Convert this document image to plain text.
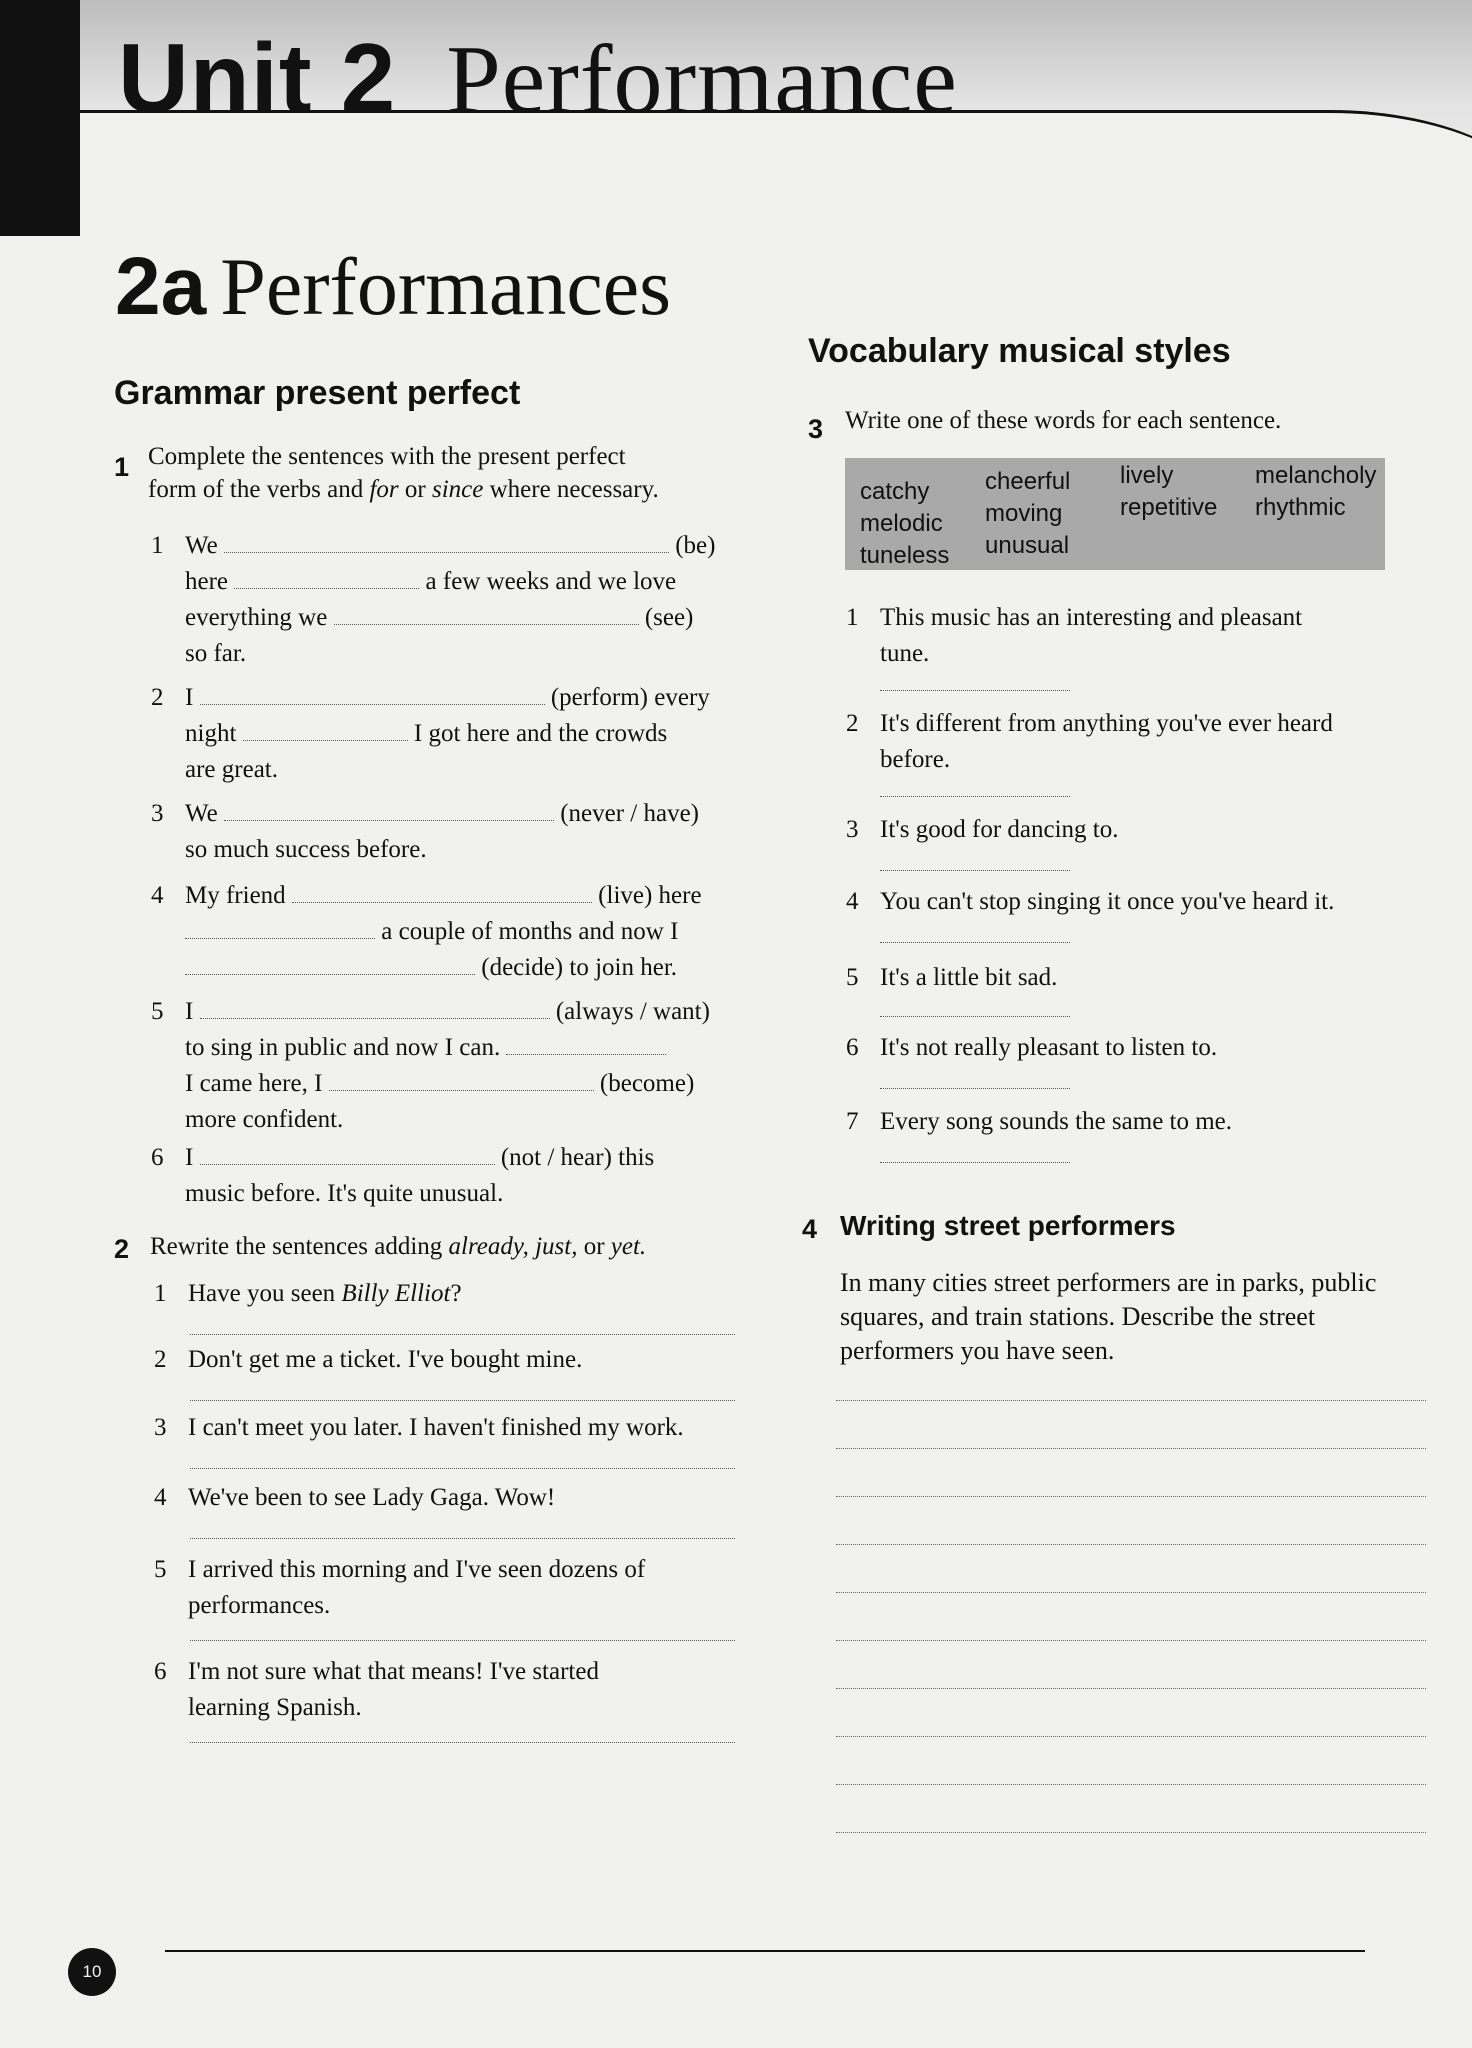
Unit 2 Performance
2a Performances
Grammar present perfect
1 Complete the sentences with the present perfect
form of the verbs and for or since where necessary.
1 We	(be)
here	a few weeks and we love
everything we	(see)
so far.
2 I	(perform) every
night	I got here and the crowds
are great.
3 We	(never / have)
so much success before.
4 My friend	(live) here
a couple of months and now I
(decide) to join her.
5 I	(always / want)
to sing in public and now I can.
I came here, I	(become)
more confident.
6 I	(not / hear) this
music before. It's quite unusual.
2 Rewrite the sentences adding already, just, or yet.
1 Have you seen Billy Elliot?
2 Don't get me a ticket. I've bought mine.
3 I can't meet you later. I haven't finished my work.
4 We've been to see Lady Gaga. Wow!
5 I arrived this morning and I've seen dozens of
performances.
6 I'm not sure what that means! I've started
learning Spanish.
Vocabulary musical styles
3 Write one of these words for each sentence.
catchy cheerful lively	melancholy
melodic moving repetitive rhythmic
tuneless unusual
1 This music has an interesting and pleasant
tune.
2 It's different from anything you've ever heard
before.
3 It's good for dancing to.
4 You can't stop singing it once you've heard it.
5 It's a little bit sad.
6 It's not really pleasant to listen to.
7 Every song sounds the same to me.
4 Writing street performers
In many cities street performers are in parks, public
squares, and train stations. Describe the street
performers you have seen.
10
